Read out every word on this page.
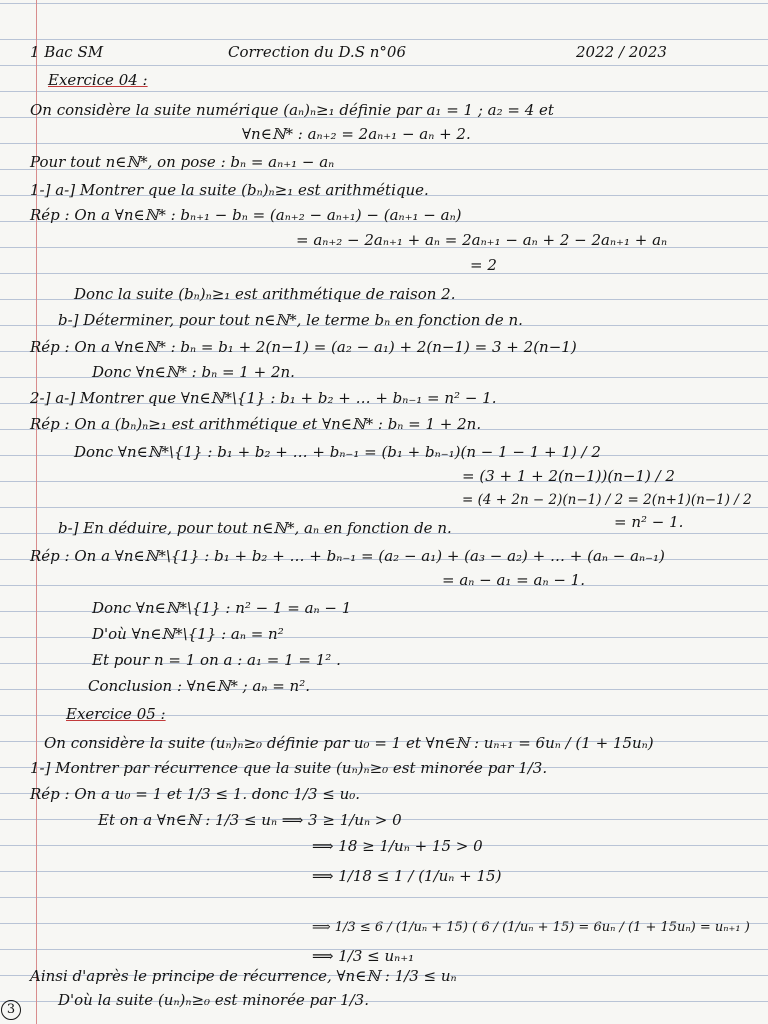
1 Bac SM	Correction du D.S n°06	2022 / 2023
Exercice 04 :
On considère la suite numérique (aₙ)ₙ≥₁ définie par a₁ = 1 ; a₂ = 4 et
∀n∈ℕ* : aₙ₊₂ = 2aₙ₊₁ − aₙ + 2.
Pour tout n∈ℕ*, on pose : bₙ = aₙ₊₁ − aₙ
1-] a-] Montrer que la suite (bₙ)ₙ≥₁ est arithmétique.
Rép : On a ∀n∈ℕ* : bₙ₊₁ − bₙ = (aₙ₊₂ − aₙ₊₁) − (aₙ₊₁ − aₙ)
= aₙ₊₂ − 2aₙ₊₁ + aₙ = 2aₙ₊₁ − aₙ + 2 − 2aₙ₊₁ + aₙ
= 2
Donc la suite (bₙ)ₙ≥₁ est arithmétique de raison 2.
b-] Déterminer, pour tout n∈ℕ*, le terme bₙ en fonction de n.
Rép : On a ∀n∈ℕ* : bₙ = b₁ + 2(n−1) = (a₂ − a₁) + 2(n−1) = 3 + 2(n−1)
Donc ∀n∈ℕ* : bₙ = 1 + 2n.
2-] a-] Montrer que ∀n∈ℕ*\{1} : b₁ + b₂ + … + bₙ₋₁ = n² − 1.
Rép : On a (bₙ)ₙ≥₁ est arithmétique et ∀n∈ℕ* : bₙ = 1 + 2n.
Donc ∀n∈ℕ*\{1} : b₁ + b₂ + … + bₙ₋₁ = (b₁ + bₙ₋₁)(n − 1 − 1 + 1) / 2
= (3 + 1 + 2(n−1))(n−1) / 2
= (4 + 2n − 2)(n−1) / 2 = 2(n+1)(n−1) / 2
= n² − 1.
b-] En déduire, pour tout n∈ℕ*, aₙ en fonction de n.
Rép : On a ∀n∈ℕ*\{1} : b₁ + b₂ + … + bₙ₋₁ = (a₂ − a₁) + (a₃ − a₂) + … + (aₙ − aₙ₋₁)
= aₙ − a₁ = aₙ − 1.
Donc ∀n∈ℕ*\{1} : n² − 1 = aₙ − 1
D'où ∀n∈ℕ*\{1} : aₙ = n²
Et pour n = 1 on a : a₁ = 1 = 1² .
Conclusion : ∀n∈ℕ* ; aₙ = n².
Exercice 05 :
On considère la suite (uₙ)ₙ≥₀ définie par u₀ = 1 et ∀n∈ℕ : uₙ₊₁ = 6uₙ / (1 + 15uₙ)
1-] Montrer par récurrence que la suite (uₙ)ₙ≥₀ est minorée par 1/3.
Rép : On a u₀ = 1 et 1/3 ≤ 1. donc 1/3 ≤ u₀.
Et on a ∀n∈ℕ : 1/3 ≤ uₙ ⟹ 3 ≥ 1/uₙ > 0
⟹ 18 ≥ 1/uₙ + 15 > 0
⟹ 1/18 ≤ 1 / (1/uₙ + 15)
⟹ 1/3 ≤ 6 / (1/uₙ + 15) ( 6 / (1/uₙ + 15) = 6uₙ / (1 + 15uₙ) = uₙ₊₁ )
⟹ 1/3 ≤ uₙ₊₁
Ainsi d'après le principe de récurrence, ∀n∈ℕ : 1/3 ≤ uₙ
D'où la suite (uₙ)ₙ≥₀ est minorée par 1/3.
3
